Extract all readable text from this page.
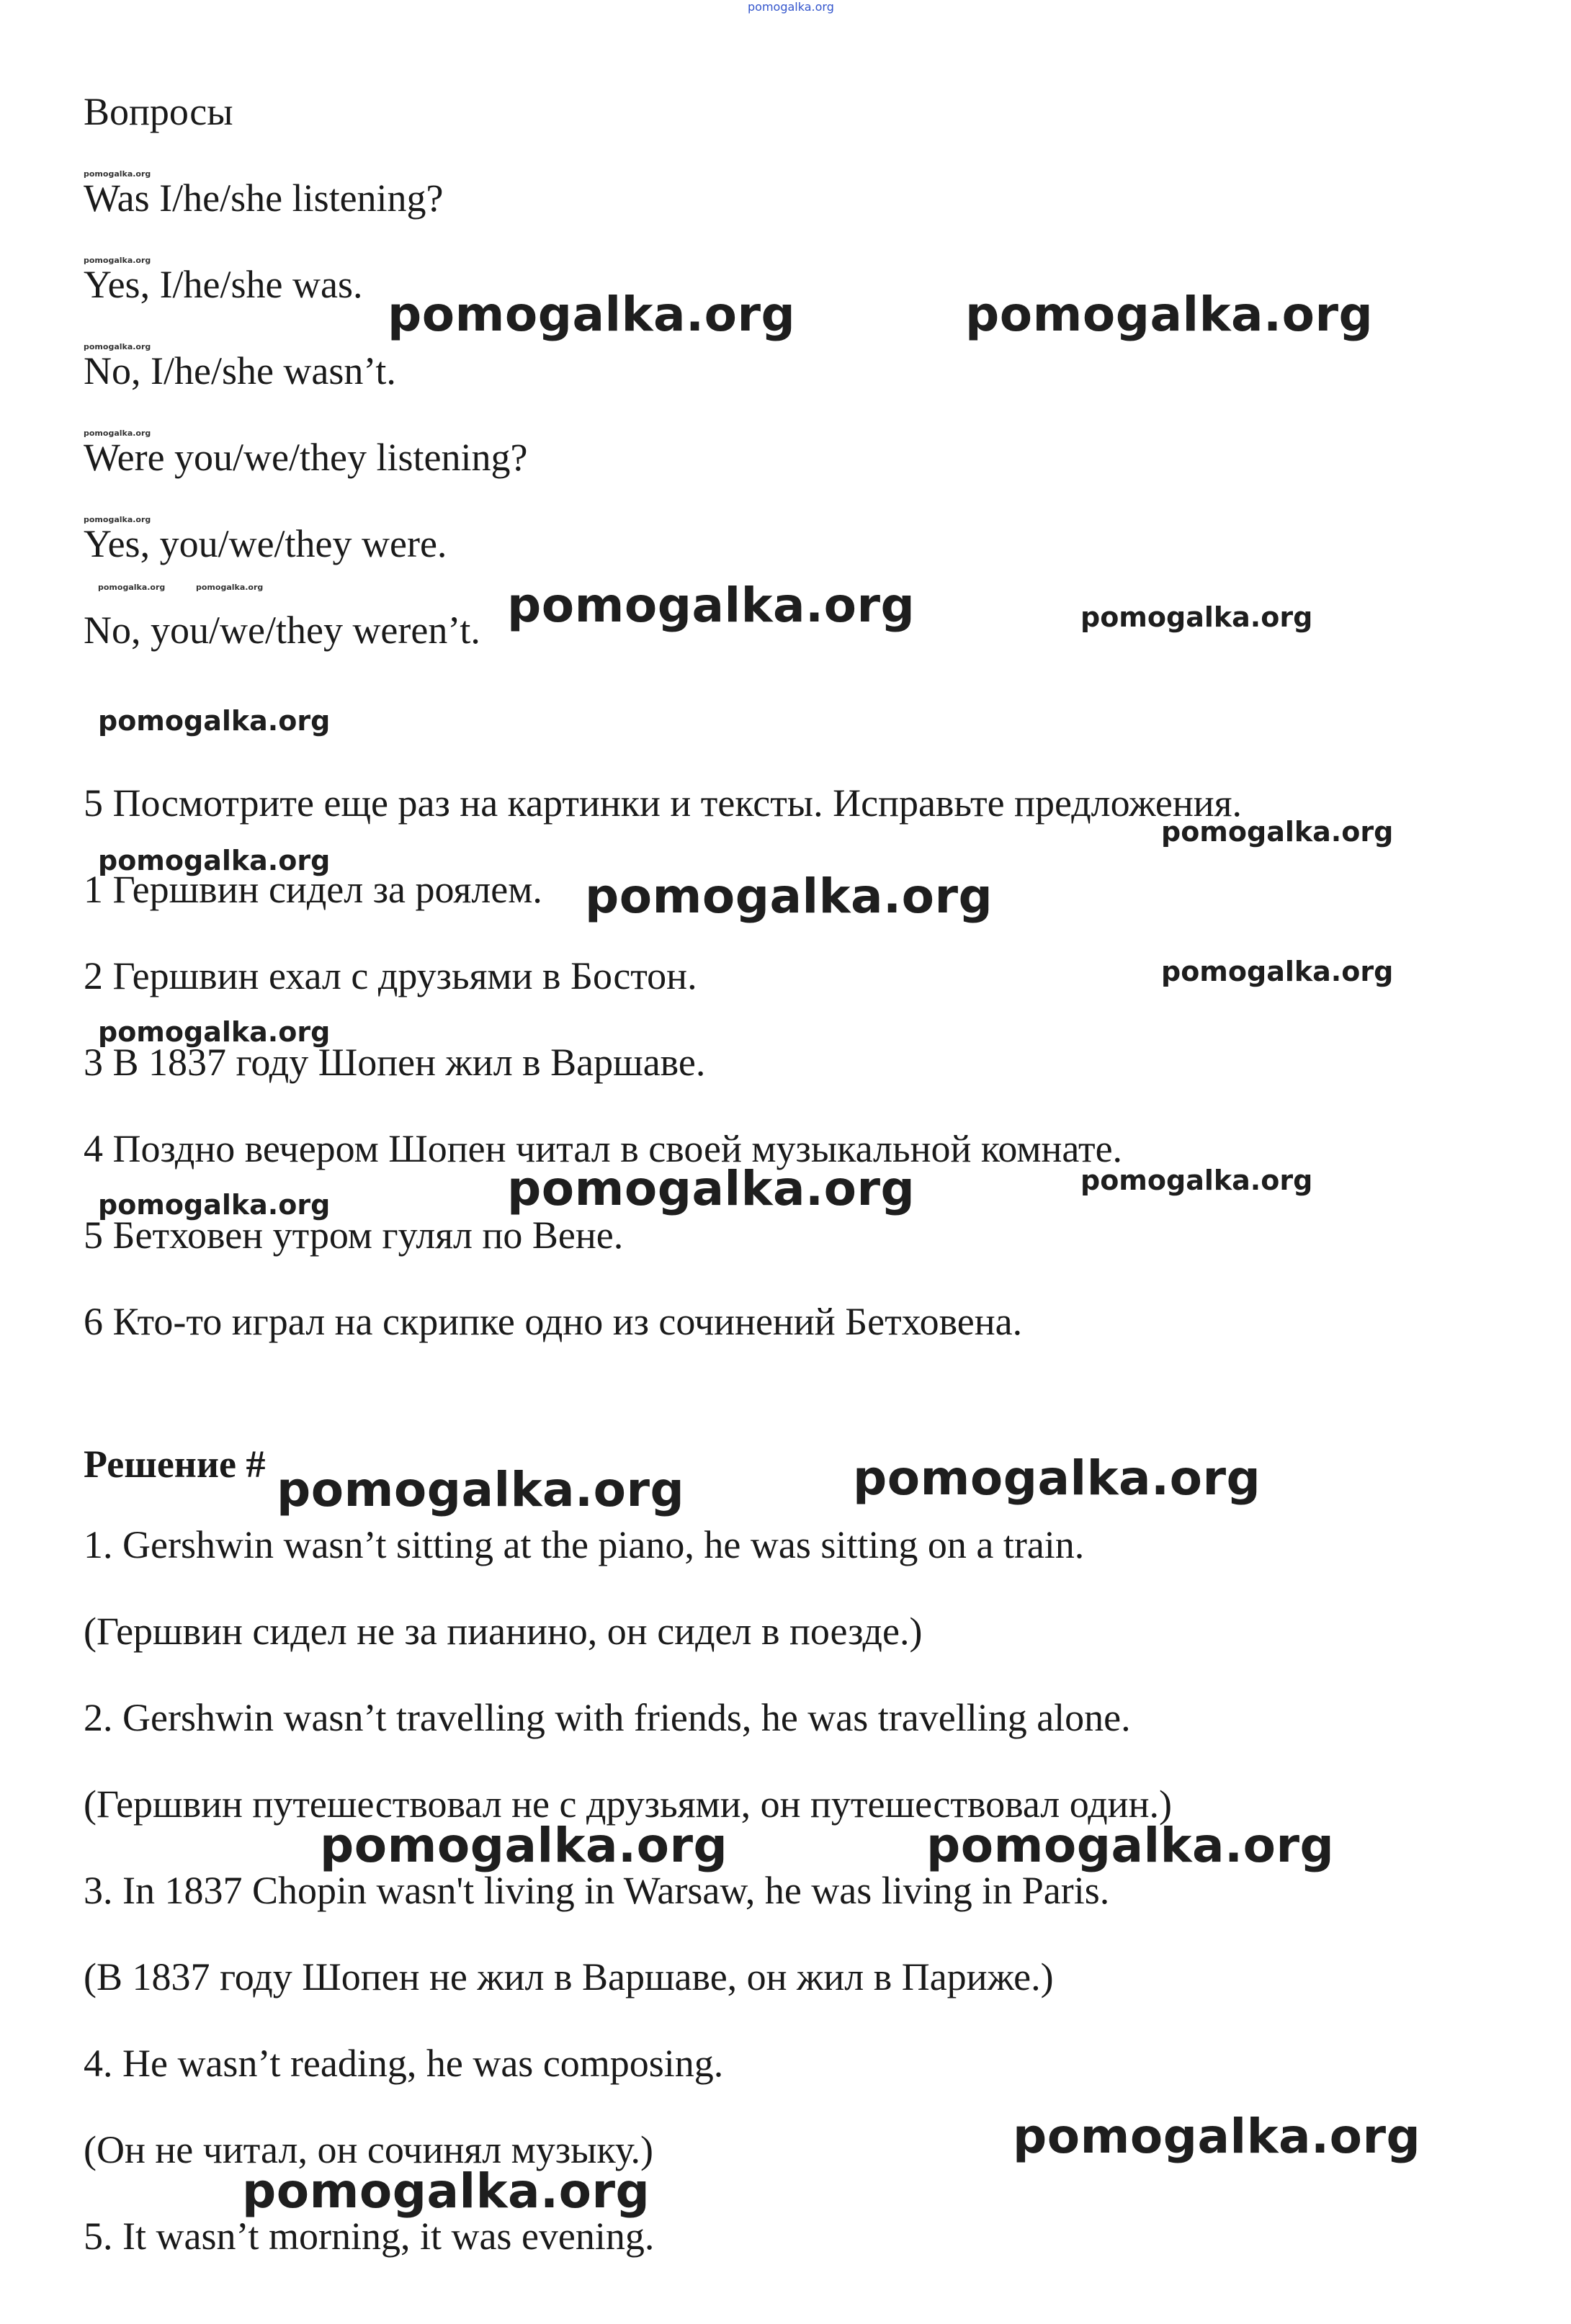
pomogalka.org
Вопросы
Was I/he/she listening?
Yes, I/he/she was.
No, I/he/she wasn’t.
Were you/we/they listening?
Yes, you/we/they were.
No, you/we/they weren’t.
5 Посмотрите еще раз на картинки и тексты. Исправьте предложения.
1 Гершвин сидел за роялем.
2 Гершвин ехал с друзьями в Бостон.
3 В 1837 году Шопен жил в Варшаве.
4 Поздно вечером Шопен читал в своей музыкальной комнате.
5 Бетховен утром гулял по Вене.
6 Кто-то играл на скрипке одно из сочинений Бетховена.
Решение #
1. Gershwin wasn’t sitting at the piano, he was sitting on a train.
(Гершвин сидел не за пианино, он сидел в поезде.)
2. Gershwin wasn’t travelling with friends, he was travelling alone.
(Гершвин путешествовал не с друзьями, он путешествовал один.)
3. In 1837 Chopin wasn't living in Warsaw, he was living in Paris.
(В 1837 году Шопен не жил в Варшаве, он жил в Париже.)
4. He wasn’t reading, he was composing.
(Он не читал, он сочинял музыку.)
5. It wasn’t morning, it was evening.
pomogalka.org	pomogalka.org
pomogalka.org
pomogalka.org
pomogalka.org
pomogalka.org	pomogalka.org
pomogalka.org	pomogalka.org
pomogalka.org
pomogalka.org
pomogalka.org
pomogalka.org
pomogalka.org
pomogalka.org
pomogalka.org
pomogalka.org
pomogalka.org
pomogalka.org
pomogalka.org
pomogalka.org
pomogalka.org
pomogalka.org
pomogalka.org
pomogalka.org	pomogalka.org
